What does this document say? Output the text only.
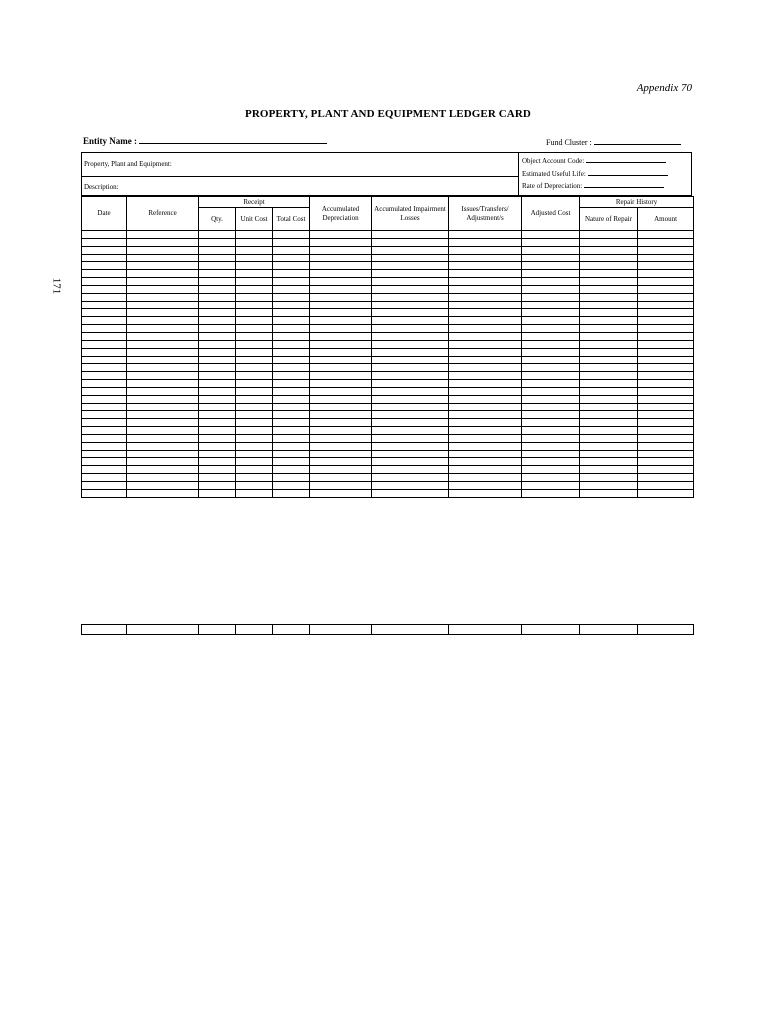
Appendix 70
PROPERTY, PLANT AND EQUIPMENT LEDGER CARD
171
Entity Name :	Fund Cluster :
Property, Plant and Equipment:
Description:
Object Account Code:
Estimated Useful Life:
Rate of Depreciation:
Date	Reference	Receipt			Accumulated Depreciation	Accumulated Impairment Losses	Issues/Transfers/ Adjustment/s	Adjusted Cost	Repair History	
		Qty.	Unit Cost	Total Cost					Nature of Repair	Amount
